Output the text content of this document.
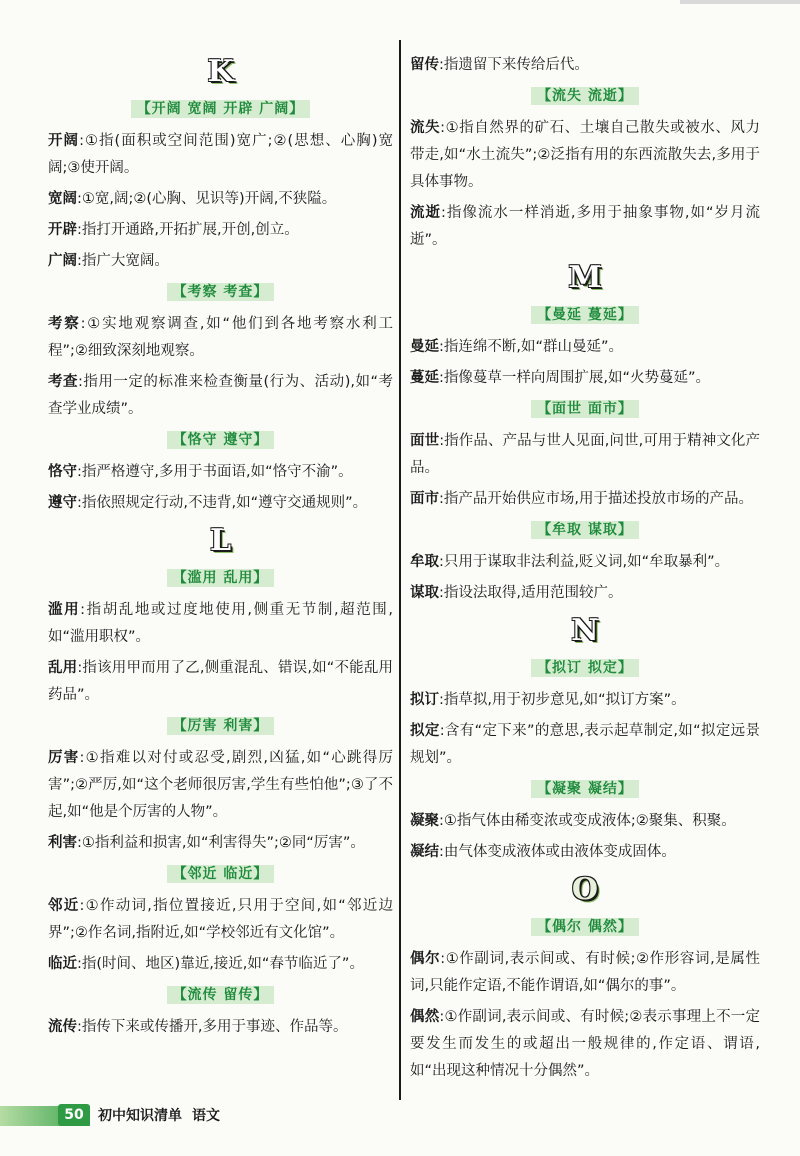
K
【开阔 宽阔 开辟 广阔】
开阔:①指(面积或空间范围)宽广;②(思想、心胸)宽阔;③使开阔。
宽阔:①宽,阔;②(心胸、见识等)开阔,不狭隘。
开辟:指打开通路,开拓扩展,开创,创立。
广阔:指广大宽阔。
【考察 考查】
考察:①实地观察调查,如“他们到各地考察水利工程”;②细致深刻地观察。
考查:指用一定的标准来检查衡量(行为、活动),如“考查学业成绩”。
【恪守 遵守】
恪守:指严格遵守,多用于书面语,如“恪守不渝”。
遵守:指依照规定行动,不违背,如“遵守交通规则”。
L
【滥用 乱用】
滥用:指胡乱地或过度地使用,侧重无节制,超范围,如“滥用职权”。
乱用:指该用甲而用了乙,侧重混乱、错误,如“不能乱用药品”。
【厉害 利害】
厉害:①指难以对付或忍受,剧烈,凶猛,如“心跳得厉害”;②严厉,如“这个老师很厉害,学生有些怕他”;③了不起,如“他是个厉害的人物”。
利害:①指利益和损害,如“利害得失”;②同“厉害”。
【邻近 临近】
邻近:①作动词,指位置接近,只用于空间,如“邻近边界”;②作名词,指附近,如“学校邻近有文化馆”。
临近:指(时间、地区)靠近,接近,如“春节临近了”。
【流传 留传】
流传:指传下来或传播开,多用于事迹、作品等。
留传:指遗留下来传给后代。
【流失 流逝】
流失:①指自然界的矿石、土壤自己散失或被水、风力带走,如“水土流失”;②泛指有用的东西流散失去,多用于具体事物。
流逝:指像流水一样消逝,多用于抽象事物,如“岁月流逝”。
M
【曼延 蔓延】
曼延:指连绵不断,如“群山曼延”。
蔓延:指像蔓草一样向周围扩展,如“火势蔓延”。
【面世 面市】
面世:指作品、产品与世人见面,问世,可用于精神文化产品。
面市:指产品开始供应市场,用于描述投放市场的产品。
【牟取 谋取】
牟取:只用于谋取非法利益,贬义词,如“牟取暴利”。
谋取:指设法取得,适用范围较广。
N
【拟订 拟定】
拟订:指草拟,用于初步意见,如“拟订方案”。
拟定:含有“定下来”的意思,表示起草制定,如“拟定远景规划”。
【凝聚 凝结】
凝聚:①指气体由稀变浓或变成液体;②聚集、积聚。
凝结:由气体变成液体或由液体变成固体。
O
【偶尔 偶然】
偶尔:①作副词,表示间或、有时候;②作形容词,是属性词,只能作定语,不能作谓语,如“偶尔的事”。
偶然:①作副词,表示间或、有时候;②表示事理上不一定要发生而发生的或超出一般规律的,作定语、谓语,如“出现这种情况十分偶然”。
50	初中知识清单 语文
